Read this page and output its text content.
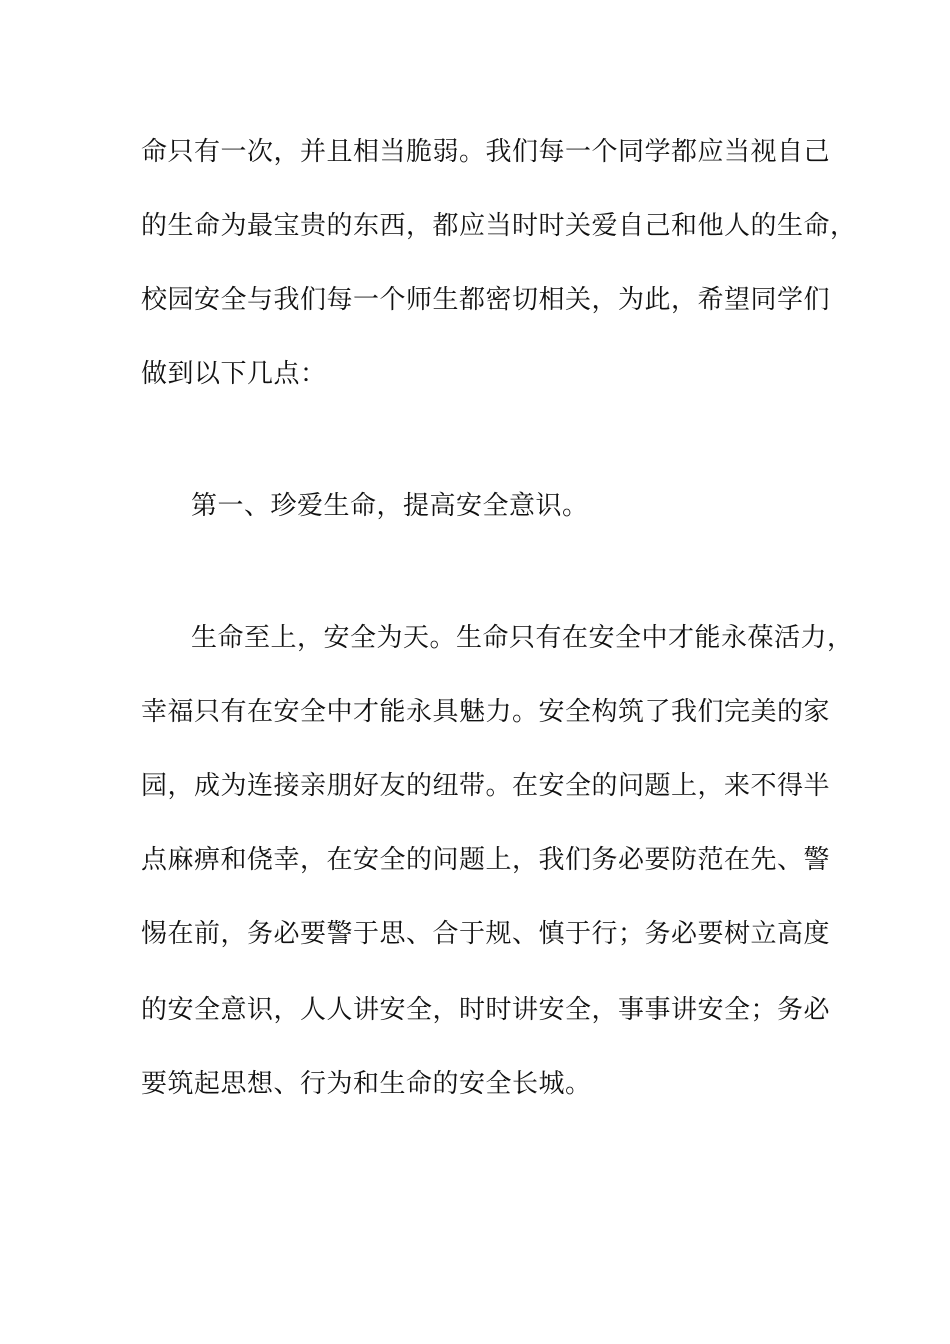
命只有一次，并且相当脆弱。我们每一个同学都应当视自己
的生命为最宝贵的东西，都应当时时关爱自己和他人的生命，
校园安全与我们每一个师生都密切相关，为此，希望同学们
做到以下几点：
第一、珍爱生命，提高安全意识。
生命至上，安全为天。生命只有在安全中才能永葆活力，
幸福只有在安全中才能永具魅力。安全构筑了我们完美的家
园，成为连接亲朋好友的纽带。在安全的问题上，来不得半
点麻痹和侥幸，在安全的问题上，我们务必要防范在先、警
惕在前，务必要警于思、合于规、慎于行；务必要树立高度
的安全意识，人人讲安全，时时讲安全，事事讲安全；务必
要筑起思想、行为和生命的安全长城。
